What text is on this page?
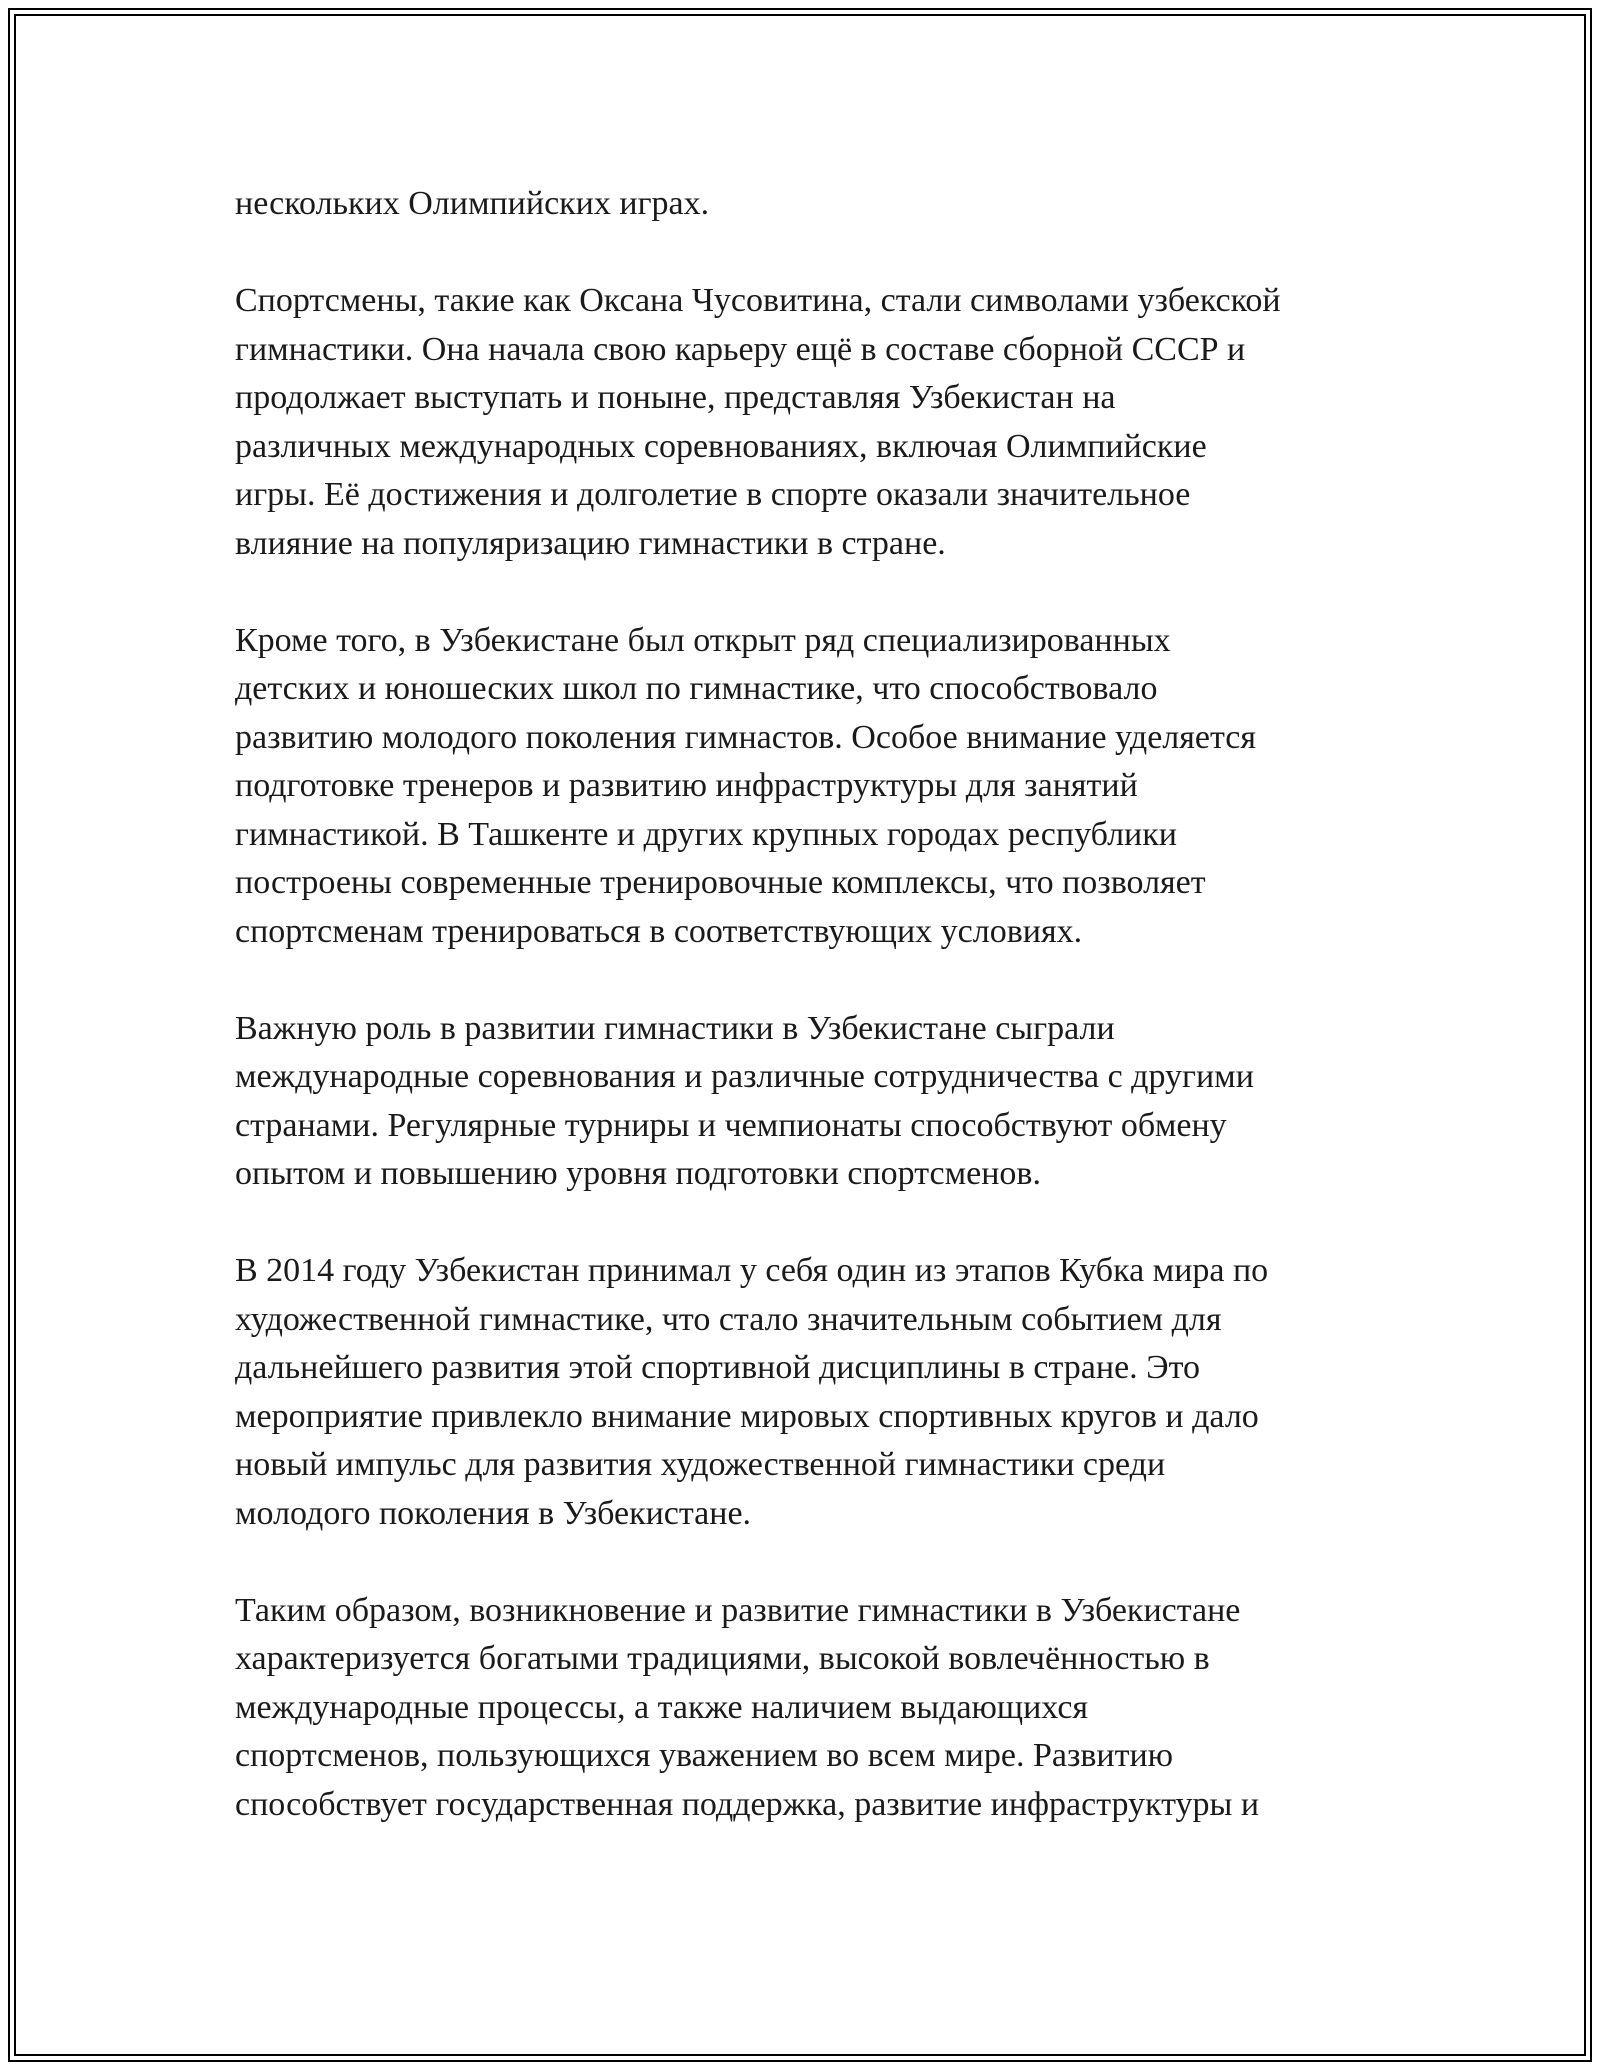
нескольких Олимпийских играх.

Спортсмены, такие как Оксана Чусовитина, стали символами узбекской
гимнастики. Она начала свою карьеру ещё в составе сборной СССР и
продолжает выступать и поныне, представляя Узбекистан на
различных международных соревнованиях, включая Олимпийские
игры. Её достижения и долголетие в спорте оказали значительное
влияние на популяризацию гимнастики в стране.

Кроме того, в Узбекистане был открыт ряд специализированных
детских и юношеских школ по гимнастике, что способствовало
развитию молодого поколения гимнастов. Особое внимание уделяется
подготовке тренеров и развитию инфраструктуры для занятий
гимнастикой. В Ташкенте и других крупных городах республики
построены современные тренировочные комплексы, что позволяет
спортсменам тренироваться в соответствующих условиях.

Важную роль в развитии гимнастики в Узбекистане сыграли
международные соревнования и различные сотрудничества с другими
странами. Регулярные турниры и чемпионаты способствуют обмену
опытом и повышению уровня подготовки спортсменов.

В 2014 году Узбекистан принимал у себя один из этапов Кубка мира по
художественной гимнастике, что стало значительным событием для
дальнейшего развития этой спортивной дисциплины в стране. Это
мероприятие привлекло внимание мировых спортивных кругов и дало
новый импульс для развития художественной гимнастики среди
молодого поколения в Узбекистане.

Таким образом, возникновение и развитие гимнастики в Узбекистане
характеризуется богатыми традициями, высокой вовлечённостью в
международные процессы, а также наличием выдающихся
спортсменов, пользующихся уважением во всем мире. Развитию
способствует государственная поддержка, развитие инфраструктуры и
